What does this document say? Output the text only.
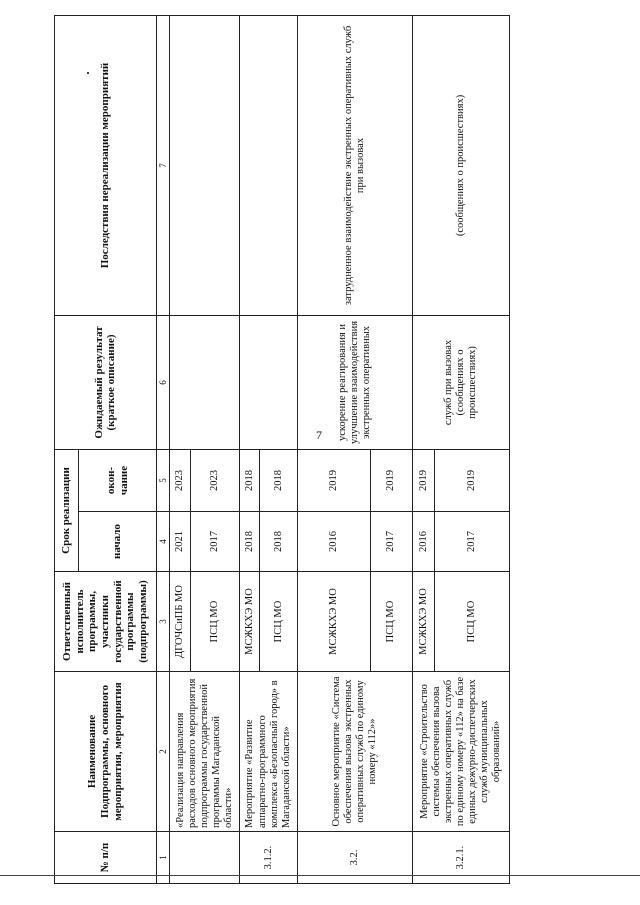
7
№ п/п	Наименование Подпрограммы, основного мероприятия, мероприятия	Ответственный исполнитель программы, участники государственной программы (подпрограммы)	Срок реализации		Ожидаемый результат (краткое описание)	Последствия нереализации мероприятий
			начало	окон-чание		
1	2	3	4	5	6	7
	«Реализация направления расходов основного мероприятия подпрограммы государственной программы Магаданской области»	ДГОЧСиПБ МО	2021	2023		
		ПСЦ МО	2017	2023		
3.1.2.	Мероприятие «Развитие аппаратно-программного комплекса «Безопасный город» в Магаданской области»	МСЖКХЭ МО	2018	2018		
		ПСЦ МО	2018	2018		
3.2.	Основное мероприятие «Система обеспечения вызова экстренных оперативных служб по единому номеру «112»»	МСЖКХЭ МО	2016	2019	ускорение реагирования и улучшение взаимодействия экстренных оперативных	затрудненное взаимодействие экстренных оперативных служб при вызовах
		ПСЦ МО	2017	2019		
3.2.1.	Мероприятие «Строительство системы обеспечения вызова экстренных оперативных служб по единому номеру «112» на базе единых дежурно-диспетчерских служб муниципальных образований»	МСЖКХЭ МО	2016	2019	служб при вызовах (сообщениях о происшествиях)	(сообщениях о происшествиях)
		ПСЦ МО	2017	2019		
